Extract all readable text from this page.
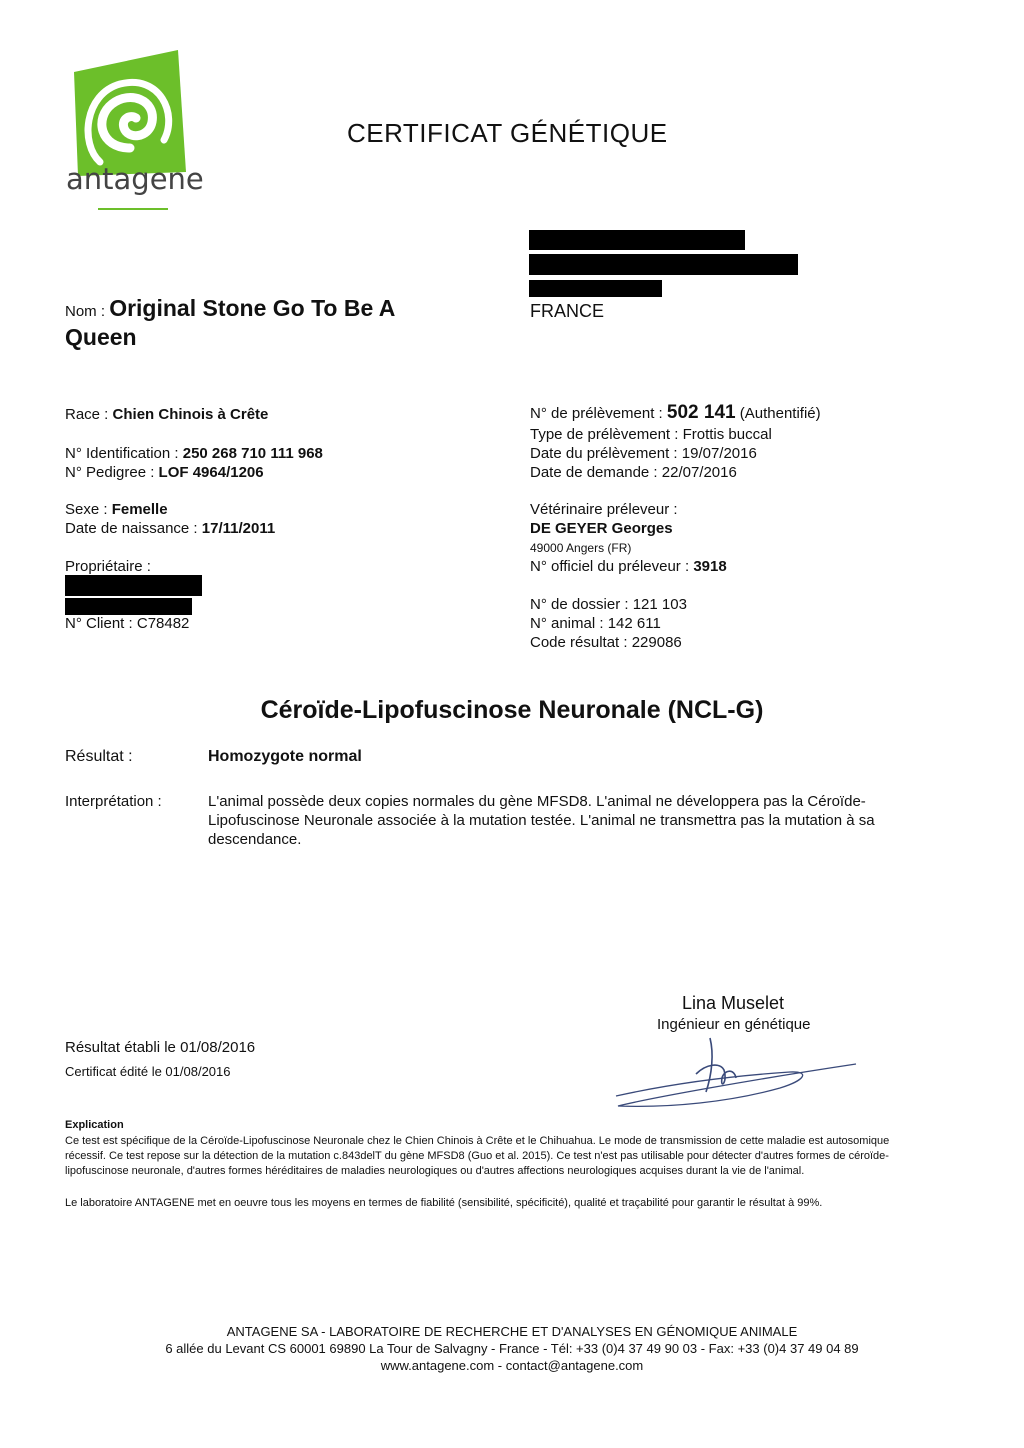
antagene
CERTIFICAT GÉNÉTIQUE
FRANCE
Nom : Original Stone Go To Be A
Queen
Race : Chien Chinois à Crête
N° Identification : 250 268 710 111 968
N° Pedigree : LOF 4964/1206
Sexe : Femelle
Date de naissance : 17/11/2011
Propriétaire :
N° Client : C78482
N° de prélèvement : 502 141 (Authentifié)
Type de prélèvement : Frottis buccal
Date du prélèvement : 19/07/2016
Date de demande : 22/07/2016
Vétérinaire préleveur :
DE GEYER Georges
49000 Angers (FR)
N° officiel du préleveur : 3918
N° de dossier : 121 103
N° animal : 142 611
Code résultat : 229086
Céroïde-Lipofuscinose Neuronale (NCL-G)
Résultat :	Homozygote normal
Interprétation :	L'animal possède deux copies normales du gène MFSD8. L'animal ne développera pas la Céroïde-
Lipofuscinose Neuronale associée à la mutation testée. L'animal ne transmettra pas la mutation à sa
descendance.
Lina Muselet
Ingénieur en génétique
Résultat établi le 01/08/2016
Certificat édité le 01/08/2016
Explication
Ce test est spécifique de la Céroïde-Lipofuscinose Neuronale chez le Chien Chinois à Crête et le Chihuahua. Le mode de transmission de cette maladie est autosomique
récessif. Ce test repose sur la détection de la mutation c.843delT du gène MFSD8 (Guo et al. 2015). Ce test n'est pas utilisable pour détecter d'autres formes de céroïde-
lipofuscinose neuronale, d'autres formes héréditaires de maladies neurologiques ou d'autres affections neurologiques acquises durant la vie de l'animal.
Le laboratoire ANTAGENE met en oeuvre tous les moyens en termes de fiabilité (sensibilité, spécificité), qualité et traçabilité pour garantir le résultat à 99%.
ANTAGENE SA - LABORATOIRE DE RECHERCHE ET D'ANALYSES EN GÉNOMIQUE ANIMALE
6 allée du Levant CS 60001 69890 La Tour de Salvagny - France - Tél: +33 (0)4 37 49 90 03 - Fax: +33 (0)4 37 49 04 89
www.antagene.com - contact@antagene.com
